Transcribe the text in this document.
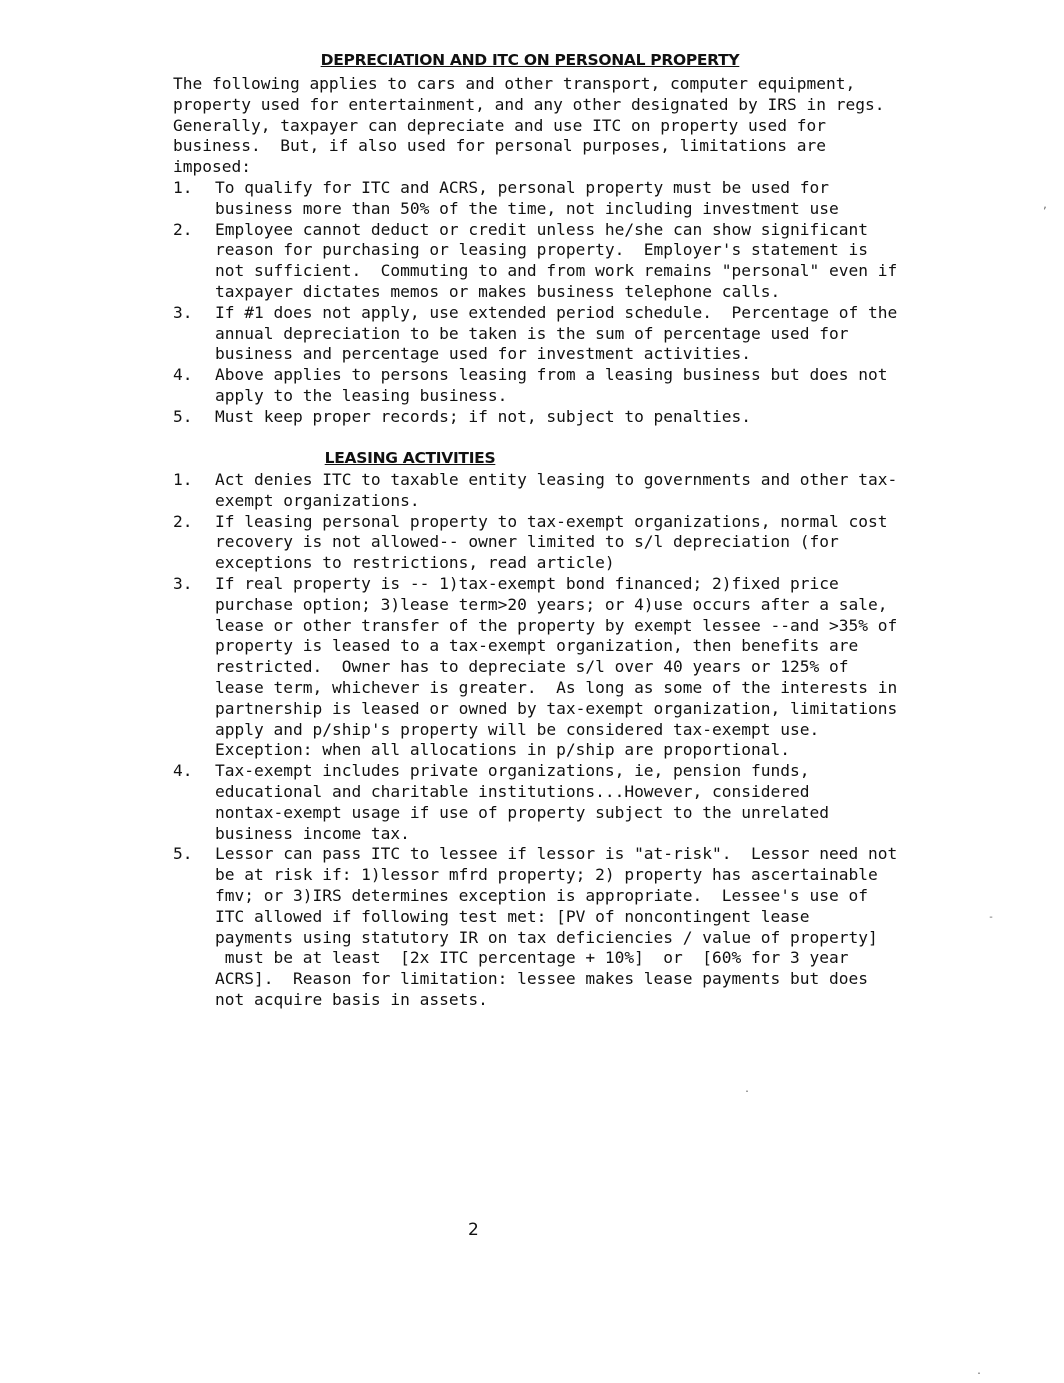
DEPRECIATION AND ITC ON PERSONAL PROPERTY

The following applies to cars and other transport, computer equipment,
property used for entertainment, and any other designated by IRS in regs.
Generally, taxpayer can depreciate and use ITC on property used for
business.  But, if also used for personal purposes, limitations are
imposed:

1. To qualify for ITC and ACRS, personal property must be used for
business more than 50% of the time, not including investment use
2. Employee cannot deduct or credit unless he/she can show significant
reason for purchasing or leasing property.  Employer's statement is
not sufficient.  Commuting to and from work remains "personal" even if
taxpayer dictates memos or makes business telephone calls.
3. If #1 does not apply, use extended period schedule.  Percentage of the
annual depreciation to be taken is the sum of percentage used for
business and percentage used for investment activities.
4. Above applies to persons leasing from a leasing business but does not
apply to the leasing business.
5. Must keep proper records; if not, subject to penalties.
LEASING ACTIVITIES
1. Act denies ITC to taxable entity leasing to governments and other tax-
exempt organizations.
2. If leasing personal property to tax-exempt organizations, normal cost
recovery is not allowed-- owner limited to s/l depreciation (for
exceptions to restrictions, read article)
3. If real property is -- 1)tax-exempt bond financed; 2)fixed price
purchase option; 3)lease term>20 years; or 4)use occurs after a sale,
lease or other transfer of the property by exempt lessee --and >35% of
property is leased to a tax-exempt organization, then benefits are
restricted.  Owner has to depreciate s/l over 40 years or 125% of
lease term, whichever is greater.  As long as some of the interests in
partnership is leased or owned by tax-exempt organization, limitations
apply and p/ship's property will be considered tax-exempt use.
Exception: when all allocations in p/ship are proportional.
4. Tax-exempt includes private organizations, ie, pension funds,
educational and charitable institutions...However, considered
nontax-exempt usage if use of property subject to the unrelated
business income tax.
5. Lessor can pass ITC to lessee if lessor is "at-risk".  Lessor need not
be at risk if: 1)lessor mfrd property; 2) property has ascertainable
fmv; or 3)IRS determines exception is appropriate.  Lessee's use of
ITC allowed if following test met: [PV of noncontingent lease
payments using statutory IR on tax deficiencies / value of property]
must be at least  [2x ITC percentage + 10%]  or  [60% for 3 year
ACRS].  Reason for limitation: lessee makes lease payments but does
not acquire basis in assets.
2
,
-
.
.
